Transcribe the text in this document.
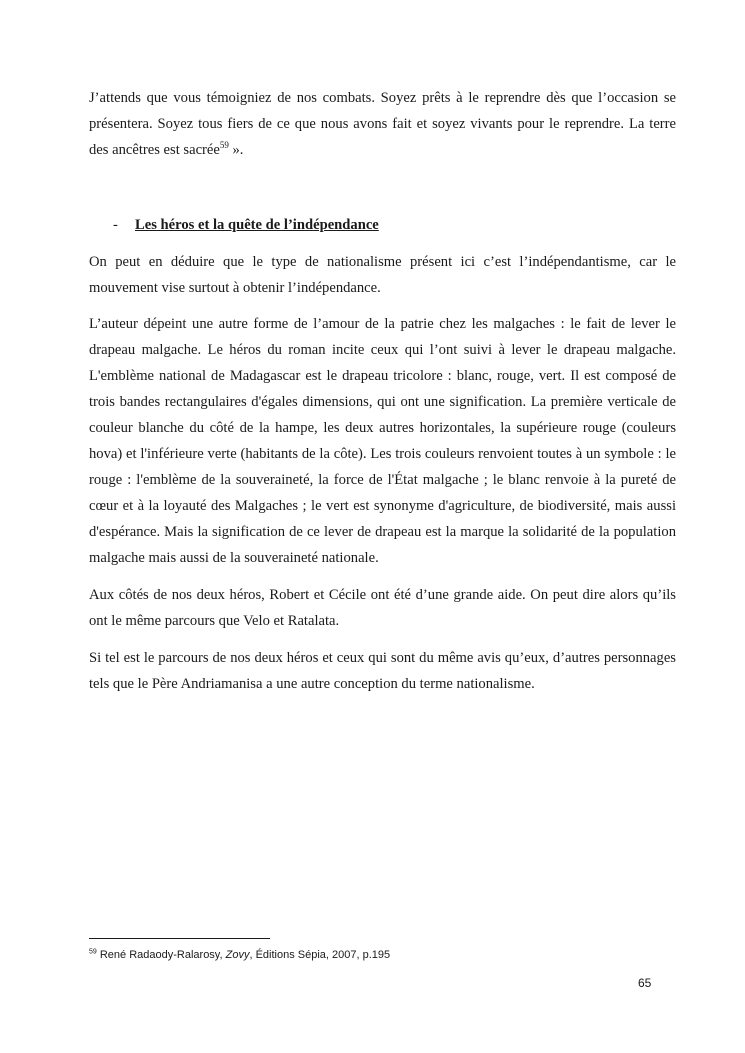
J’attends que vous témoigniez de nos combats. Soyez prêts à le reprendre dès que l’occasion se présentera. Soyez tous fiers de ce que nous avons fait et soyez vivants pour le reprendre. La terre des ancêtres est sacrée$^{59}$ ».

- Les héros et la quête de l’indépendance

On peut en déduire que le type de nationalisme présent ici c’est l’indépendantisme, car le mouvement vise surtout à obtenir l’indépendance.

L’auteur dépeint une autre forme de l’amour de la patrie chez les malgaches : le fait de lever le drapeau malgache. Le héros du roman incite ceux qui l’ont suivi à lever le drapeau malgache. L'emblème national de Madagascar est le drapeau tricolore : blanc, rouge, vert. Il est composé de trois bandes rectangulaires d'égales dimensions, qui ont une signification. La première verticale de couleur blanche du côté de la hampe, les deux autres horizontales, la supérieure rouge (couleurs hova) et l'inférieure verte (habitants de la côte). Les trois couleurs renvoient toutes à un symbole : le rouge : l'emblème de la souveraineté, la force de l'État malgache ; le blanc renvoie à la pureté de cœur et à la loyauté des Malgaches ; le vert est synonyme d'agriculture, de biodiversité, mais aussi d'espérance. Mais la signification de ce lever de drapeau est la marque la solidarité de la population malgache mais aussi de la souveraineté nationale.

Aux côtés de nos deux héros, Robert et Cécile ont été d’une grande aide. On peut dire alors qu’ils ont le même parcours que Velo et Ratalata.

Si tel est le parcours de nos deux héros et ceux qui sont du même avis qu’eux, d’autres personnages tels que le Père Andriamanisa a une autre conception du terme nationalisme.

$^{59}$ René Radaody-Ralarosy, Zovy, Éditions Sépia, 2007, p.195

65
